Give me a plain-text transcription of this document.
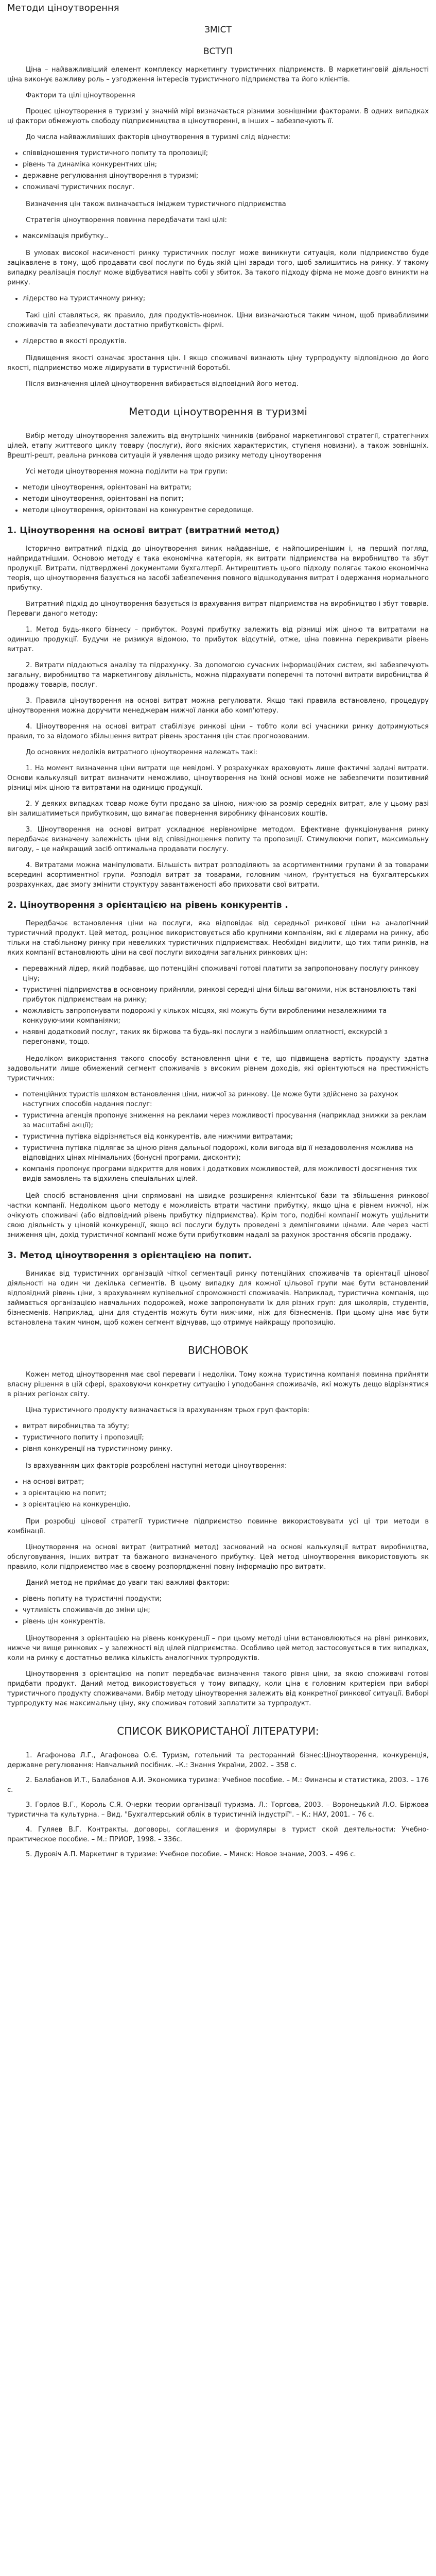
Методи ціноутворення
ЗМІСТ
ВСТУП

Ціна – найважливіший елемент комплексу маркетингу туристичних підприємств. В маркетинговій діяльності ціна виконує важливу роль – узгодження інтересів туристичного підприємства та його клієнтів.

Фактори та цілі ціноутворення

Процес ціноутворення в туризмі у значній мірі визначається різними зовнішніми факторами. В одних випадках ці фактори обмежують свободу підприємництва в ціноутворенні, в інших – забезпечують її.

До числа найважливіших факторів ціноутворення в туризмі слід віднести:

• співвідношення туристичного попиту та пропозиції;
• рівень та динаміка конкурентних цін;
• державне регулювання ціноутворення в туризмі;
• споживачі туристичних послуг.

Визначення цін також визначається іміджем туристичного підприємства

Стратегія ціноутворення повинна передбачати такі цілі:

• максимізація прибутку..

В умовах високої насиченості ринку туристичних послуг може виникнути ситуація, коли підприємство буде зацікавлене в тому, щоб продавати свої послуги по будь-якій ціні заради того, щоб залишитись на ринку. У такому випадку реалізація послуг може відбуватися навіть собі у збиток. За такого підходу фірма не може довго виникти на ринку.

• лідерство на туристичному ринку;

Такі цілі ставляться, як правило, для продуктів-новинок. Ціни визначаються таким чином, щоб привабливими споживачів та забезпечувати достатню прибутковість фірмі.

• лідерство в якості продуктів.

Підвищення якості означає зростання цін. І якщо споживачі визнають ціну турпродукту відповідною до його якості, підприємство може лідирувати в туристичній боротьбі.

Після визначення цілей ціноутворення вибирається відповідний його метод.

Методи ціноутворення в туризмі

Вибір методу ціноутворення залежить від внутрішніх чинників (вибраної маркетингової стратегії, стратегічних цілей, етапу життєвого циклу товару (послуги), його якісних характеристик, ступеня новизни), а також зовнішніх. Врешті-решт, реальна ринкова ситуація й уявлення щодо ризику методу ціноутворення

Усі методи ціноутворення можна поділити на три групи:

• методи ціноутворення, орієнтовані на витрати;
• методи ціноутворення, орієнтовані на попит;
• методи ціноутворення, орієнтовані на конкурентне середовище.
1. Ціноутворення на основі витрат (витратний метод)

Історично витратний підхід до ціноутворення виник найдавніше, є найпоширенішим і, на перший погляд, найпридатнішим. Основою методу є така економічна категорія, як витрати підприємства на виробництво та збут продукції. Витрати, підтверджені документами бухгалтерії. Антирештивть цього підходу полягає такою економічна теорія, що ціноутворення базується на засобі забезпечення повного відшкодування витрат і одержання нормального прибутку.

Витратний підхід до ціноутворення базується із врахування витрат підприємства на виробництво і збут товарів. Переваги даного методу:

1. Метод будь-якого бізнесу – прибуток. Розумі прибутку залежить від різниці між ціною та витратами на одиницю продукції. Будучи не ризикуя відомою, то прибуток відсутній, отже, ціна повинна перекривати рівень витрат.

2. Витрати піддаються аналізу та підрахунку. За допомогою сучасних інформаційних систем, які забезпечують загальну, виробництво та маркетингову діяльність, можна підрахувати поперечні та поточні витрати виробництва й продажу товарів, послуг.

3. Правила ціноутворення на основі витрат можна регулювати. Якщо такі правила встановлено, процедуру ціноутворення можна доручити менеджерам нижчої ланки або комп'ютеру.

4. Ціноутворення на основі витрат стабілізує ринкові ціни – тобто коли всі учасники ринку дотримуються правил, то за відомого збільшення витрат рівень зростання цін стає прогнозованим.

До основних недоліків витратного ціноутворення належать такі:

1. На момент визначення ціни витрати ще невідомі. У розрахунках враховують лише фактичні задані витрати. Основи калькуляції витрат визначити неможливо, ціноутворення на їхній основі може не забезпечити позитивний різниці між ціною та витратами на одиницю продукції.

2. У деяких випадках товар може бути продано за ціною, нижчою за розмір середніх витрат, але у цьому разі він залишатиметься прибутковим, що вимагає повернення виробнику фінансових коштів.

3. Ціноутворення на основі витрат ускладнює нерівномірне методом. Ефективне функціонування ринку передбачає визначену залежність ціни від співвідношення попиту та пропозиції. Стимулюючи попит, максимальну вигоду, – це найкращий засіб оптимальна продавати послугу.

4. Витратами можна маніпулювати. Більшість витрат розподіляють за асортиментними групами й за товарами всередині асортиментної групи. Розподіл витрат за товарами, головним чином, ґрунтується на бухгалтерських розрахунках, дає змогу змінити структуру завантаженості або приховати свої витрати.

2. Ціноутворення з орієнтацією на рівень конкурентів .

Передбачає встановлення ціни на послуги, яка відповідає від середньої ринкової ціни на аналогічний туристичний продукт. Цей метод, розцінює використовується або крупними компаніям, які є лідерами на ринку, або тільки на стабільному ринку при невеликих туристичних підприємствах. Необхідні виділити, що тих типи ринків, на яких компанії встановлюють ціни на свої послуги виходячи загальних ринкових цін:

• переважний лідер, який подбаває, що потенційні споживачі готові платити за запропоновану послугу ринкову ціну;
• туристичні підприємства в основному прийняли, ринкові середні ціни більш вагомими, ніж встановлюють такі прибуток підприємствам на ринку;
• можливість запропонувати подорожі у кількох місцях, які можуть бути виробленими незалежними та конкуруючими компаніями;
• наявні додатковий послуг, таких як біржова та будь-які послуги з найбільшим оплатності, екскурсій з перегонами, тощо.

Недоліком використання такого способу встановлення ціни є те, що підвищена вартість продукту здатна задовольнити лише обмежений сегмент споживачів з високим рівнем доходів, які орієнтуються на престижність туристичних:

• потенційних туристів шляхом встановлення ціни, нижчої за ринкову. Це може бути здійснено за рахунок наступних способів надання послуг:
• туристична агенція пропонує зниження на реклами через можливості просування (наприклад знижки за реклам за масштабні акції);
• туристична путівка відрізняється від конкурентів, але нижчими витратами;
• туристична путівка підлягає за ціною рівня дальньої подорожі, коли вигода від її незадоволення можлива на відповідних цінах мінімальних (бонусні програми, дисконти);
• компанія пропонує програми відкриття для нових і додаткових можливостей, для можливості досягнення тих видів замовлень та відхилень спеціальних цілей.

Цей спосіб встановлення ціни спрямовані на швидке розширення клієнтської бази та збільшення ринкової частки компанії. Недоліком цього методу є можливість втрати частини прибутку, якщо ціна є рівнем нижчої, ніж очікують споживачі (або відповідний рівень прибутку підприємства). Крім того, подібні компанії можуть ущільнити свою діяльність у ціновій конкуренції, якщо всі послуги будуть проведені з демпінговими цінами. Але через часті зниження цін, дохід туристичної компанії може бути прибутковим надалі за рахунок зростання обсягів продажу.

3. Метод ціноутворення з орієнтацією на попит.

Виникає від туристичних організацій чіткої сегментації ринку потенційних споживачів та орієнтації цінової діяльності на один чи декілька сегментів. В цьому випадку для кожної цільової групи має бути встановлений відповідний рівень ціни, з врахуванням купівельної спроможності споживачів. Наприклад, туристична компанія, що займається організацією навчальних подорожей, може запропонувати їх для різних груп: для школярів, студентів, бізнесменів. Наприклад, ціни для студентів можуть бути нижчими, ніж для бізнесменів. При цьому ціна має бути встановлена таким чином, щоб кожен сегмент відчував, що отримує найкращу пропозицію.

ВИСНОВОК

Кожен метод ціноутворення має свої переваги і недоліки. Тому кожна туристична компанія повинна прийняти власну рішення в цій сфері, враховуючи конкретну ситуацію і уподобання споживачів, які можуть дещо відрізнятися в різних регіонах світу.

Ціна туристичного продукту визначається із врахуванням трьох груп факторів:

• витрат виробництва та збуту;
• туристичного попиту і пропозиції;
• рівня конкуренції на туристичному ринку.

Із врахуванням цих факторів розроблені наступні методи ціноутворення:

• на основі витрат;
• з орієнтацією на попит;
• з орієнтацією на конкуренцію.

При розробці цінової стратегії туристичне підприємство повинне використовувати усі ці три методи в комбінації.

Ціноутворення на основі витрат (витратний метод) заснований на основі калькуляції витрат виробництва, обслуговування, інших витрат та бажаного визначеного прибутку. Цей метод ціноутворення використовують як правило, коли підприємство має в своєму розпорядженні повну інформацію про витрати.

Даний метод не приймає до уваги такі важливі фактори:

• рівень попиту на туристичні продукти;
• чутливість споживачів до зміни цін;
• рівень цін конкурентів.

Ціноутворення з орієнтацією на рівень конкуренції – при цьому методі ціни встановлюються на рівні ринкових, нижче чи вище ринкових – у залежності від цілей підприємства. Особливо цей метод застосовується в тих випадках, коли на ринку є достатньо велика кількість аналогічних турпродуктів.

Ціноутворення з орієнтацією на попит передбачає визначення такого рівня ціни, за якою споживачі готові придбати продукт. Даний метод використовується у тому випадку, коли ціна є головним критерієм при виборі туристичного продукту споживачами. Вибір методу ціноутворення залежить від конкретної ринкової ситуації. Виборі турпродукту має максимальну ціну, яку споживач готовий заплатити за турпродукт.

СПИСОК ВИКОРИСТАНОЇ ЛІТЕРАТУРИ:
1. Агафонова Л.Г., Агафонова О.Є. Туризм, готельний та ресторанний бізнес:Ціноутворення, конкуренція, державне регулювання: Навчальний посібник. –К.: Знання України, 2002. – 358 с.
2. Балабанов И.Т., Балабанов А.И. Экономика туризма: Учебное пособие. – М.: Финансы и статистика, 2003. – 176 с.
3. Горлов В.Г., Король С.Я. Очерки теории організації туризма. Л.: Торгова, 2003. – Воронецький Л.О. Біржова туристична та культурна. – Вид. "Бухгалтерський облік в туристичній індустрії". – К.: НАУ, 2001. – 76 с.
4. Гуляев В.Г. Контракты, договоры, соглашения и формуляры в турист ской деятельности: Учебно-практическое пособие. – М.: ПРИОР, 1998. – 336с.
5. Дуровіч А.П. Маркетинг в туризме: Учебное пособие. – Минск: Новое знание, 2003. – 496 с.
